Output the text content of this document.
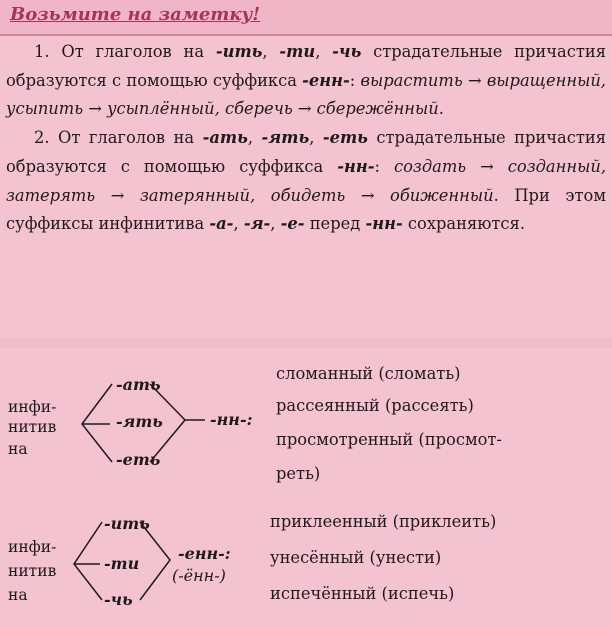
Возьмите на заметку!

1. От глаголов на -ить, -ти, -чь страдательные причастия образуются с помощью суффикса -енн-: вырастить → выращенный, усыпить → усыплённый, сберечь → сбережённый.

2. От глаголов на -ать, -ять, -еть страдательные причастия образуются с помощью суффикса -нн-: создать → созданный, затерять → затерянный, обидеть → обиженный. При этом суффиксы инфинитива -а-, -я-, -е- перед -нн- сохраняются.

инфи-
нитив
на
-ать
-ять
-еть
-нн-:
сломанный (сломать)
рассеянный (рассеять)
просмотренный (просмот-
реть)
инфи-
нитив
на
-ить
-ти
-чь
-енн-:
(-ённ-)
приклеенный (приклеить)
унесённый (унести)
испечённый (испечь)
